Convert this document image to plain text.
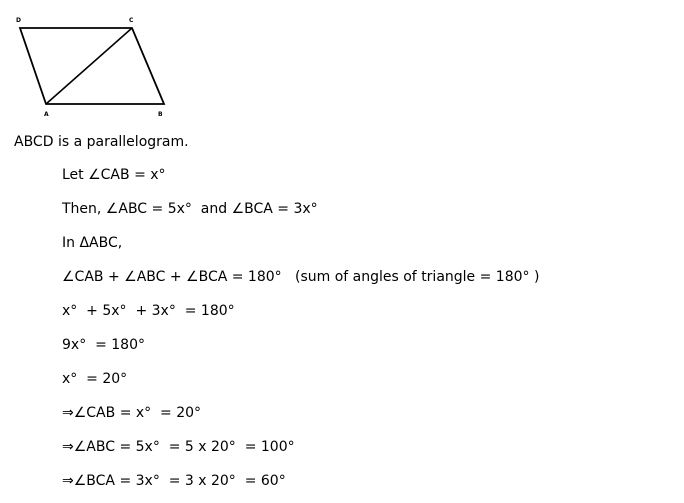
D	C
A	B
ABCD is a parallelogram.
Let ∠CAB = x°
Then, ∠ABC = 5x°  and ∠BCA = 3x°
In ΔABC,
∠CAB + ∠ABC + ∠BCA = 180°   (sum of angles of triangle = 180° )
x°  + 5x°  + 3x°  = 180°
9x°  = 180°
x°  = 20°
⇒∠CAB = x°  = 20°
⇒∠ABC = 5x°  = 5 x 20°  = 100°
⇒∠BCA = 3x°  = 3 x 20°  = 60°
